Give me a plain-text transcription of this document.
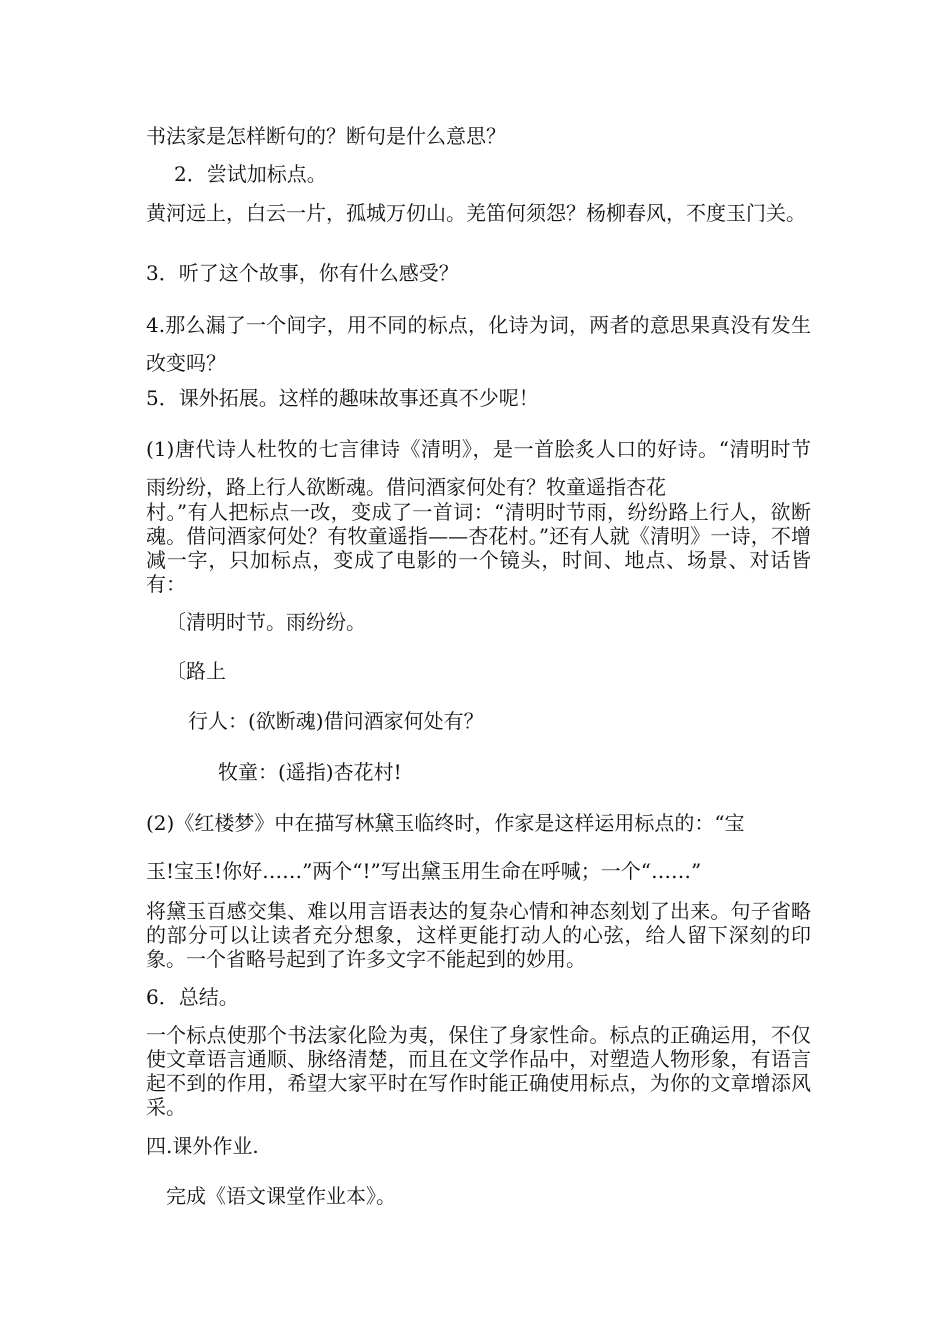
书法家是怎样断句的？断句是什么意思？
2．尝试加标点。
黄河远上，白云一片，孤城万仞山。羌笛何须怨？杨柳春风，不度玉门关。
3．听了这个故事，你有什么感受？
4.那么漏了一个间字，用不同的标点，化诗为词，两者的意思果真没有发生改变吗？
5．课外拓展。这样的趣味故事还真不少呢！
(1)唐代诗人杜牧的七言律诗《清明》，是一首脍炙人口的好诗。“清明时节雨纷纷，路上行人欲断魂。借问酒家何处有？牧童遥指杏花
村。”有人把标点一改，变成了一首词：“清明时节雨，纷纷路上行人，欲断魂。借问酒家何处？有牧童遥指——杏花村。”还有人就《清明》一诗，不增减一字，只加标点，变成了电影的一个镜头，时间、地点、场景、对话皆有：
〔清明时节。雨纷纷。
〔路上
行人：(欲断魂)借问酒家何处有？
牧童：(遥指)杏花村!
(2)《红楼梦》中在描写林黛玉临终时，作家是这样运用标点的：“宝
玉!宝玉!你好……”两个“!”写出黛玉用生命在呼喊；一个“……”
将黛玉百感交集、难以用言语表达的复杂心情和神态刻划了出来。句子省略的部分可以让读者充分想象，这样更能打动人的心弦，给人留下深刻的印象。一个省略号起到了许多文字不能起到的妙用。
6．总结。
一个标点使那个书法家化险为夷，保住了身家性命。标点的正确运用，不仅使文章语言通顺、脉络清楚，而且在文学作品中，对塑造人物形象，有语言起不到的作用，希望大家平时在写作时能正确使用标点，为你的文章增添风采。
四.课外作业.
完成《语文课堂作业本》。
